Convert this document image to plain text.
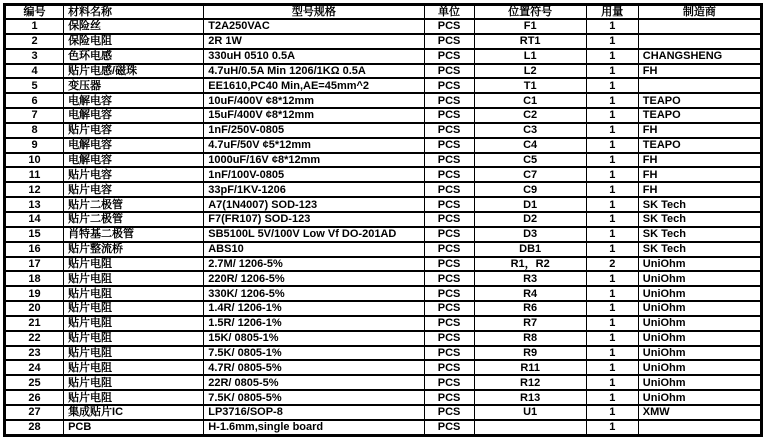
编号	材料名称	型号规格	单位	位置符号	用量	制造商
1	保险丝	T2A250VAC	PCS	F1	1	
2	保险电阻	2R 1W	PCS	RT1	1	
3	色环电感	330uH 0510 0.5A	PCS	L1	1	CHANGSHENG
4	贴片电感/磁珠	4.7uH/0.5A Min 1206/1KΩ 0.5A	PCS	L2	1	FH
5	变压器	EE1610,PC40 Min,AE=45mm^2	PCS	T1	1	
6	电解电容	10uF/400V ¢8*12mm	PCS	C1	1	TEAPO
7	电解电容	15uF/400V ¢8*12mm	PCS	C2	1	TEAPO
8	贴片电容	1nF/250V-0805	PCS	C3	1	FH
9	电解电容	4.7uF/50V ¢5*12mm	PCS	C4	1	TEAPO
10	电解电容	1000uF/16V ¢8*12mm	PCS	C5	1	FH
11	贴片电容	1nF/100V-0805	PCS	C7	1	FH
12	贴片电容	33pF/1KV-1206	PCS	C9	1	FH
13	贴片二极管	A7(1N4007) SOD-123	PCS	D1	1	SK Tech
14	贴片二极管	F7(FR107) SOD-123	PCS	D2	1	SK Tech
15	肖特基二极管	SB5100L 5V/100V Low Vf DO-201AD	PCS	D3	1	SK Tech
16	贴片整流桥	ABS10	PCS	DB1	1	SK Tech
17	贴片电阻	2.7M/ 1206-5%	PCS	R1，R2	2	UniOhm
18	贴片电阻	220R/ 1206-5%	PCS	R3	1	UniOhm
19	贴片电阻	330K/ 1206-5%	PCS	R4	1	UniOhm
20	贴片电阻	1.4R/ 1206-1%	PCS	R6	1	UniOhm
21	贴片电阻	1.5R/ 1206-1%	PCS	R7	1	UniOhm
22	贴片电阻	15K/ 0805-1%	PCS	R8	1	UniOhm
23	贴片电阻	7.5K/ 0805-1%	PCS	R9	1	UniOhm
24	贴片电阻	4.7R/ 0805-5%	PCS	R11	1	UniOhm
25	贴片电阻	22R/ 0805-5%	PCS	R12	1	UniOhm
26	贴片电阻	7.5K/ 0805-5%	PCS	R13	1	UniOhm
27	集成贴片IC	LP3716/SOP-8	PCS	U1	1	XMW
28	PCB	H-1.6mm,single board	PCS		1	
